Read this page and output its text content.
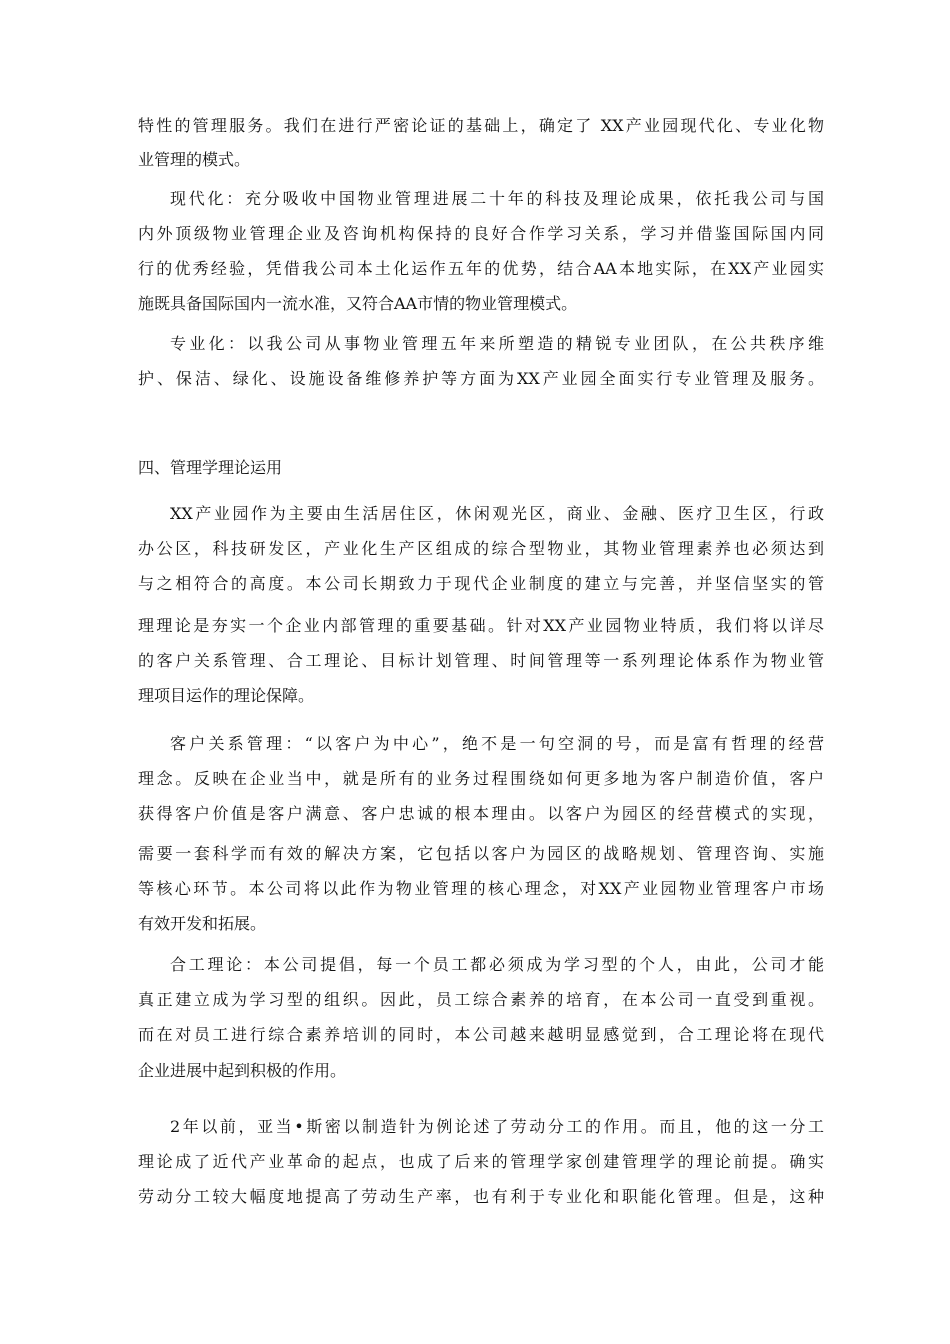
特性的管理服务。我们在进行严密论证的基础上，确定了 XX产业园现代化、专业化物
业管理的模式。
现代化：充分吸收中国物业管理进展二十年的科技及理论成果，依托我公司与国
内外顶级物业管理企业及咨询机构保持的良好合作学习关系，学习并借鉴国际国内同
行的优秀经验，凭借我公司本土化运作五年的优势，结合AA本地实际，在XX产业园实
施既具备国际国内一流水准，又符合AA市情的物业管理模式。
专业化：以我公司从事物业管理五年来所塑造的精锐专业团队，在公共秩序维
护、保洁、绿化、设施设备维修养护等方面为XX产业园全面实行专业管理及服务。
四、管理学理论运用
XX产业园作为主要由生活居住区，休闲观光区，商业、金融、医疗卫生区，行政
办公区，科技研发区，产业化生产区组成的综合型物业，其物业管理素养也必须达到
与之相符合的高度。本公司长期致力于现代企业制度的建立与完善，并坚信坚实的管
理理论是夯实一个企业内部管理的重要基础。针对XX产业园物业特质，我们将以详尽
的客户关系管理、合工理论、目标计划管理、时间管理等一系列理论体系作为物业管
理项目运作的理论保障。
客户关系管理：“以客户为中心”，绝不是一句空洞的号，而是富有哲理的经营
理念。反映在企业当中，就是所有的业务过程围绕如何更多地为客户制造价值，客户
获得客户价值是客户满意、客户忠诚的根本理由。以客户为园区的经营模式的实现，
需要一套科学而有效的解决方案，它包括以客户为园区的战略规划、管理咨询、实施
等核心环节。本公司将以此作为物业管理的核心理念，对XX产业园物业管理客户市场
有效开发和拓展。
合工理论：本公司提倡，每一个员工都必须成为学习型的个人，由此，公司才能
真正建立成为学习型的组织。因此，员工综合素养的培育，在本公司一直受到重视。
而在对员工进行综合素养培训的同时，本公司越来越明显感觉到，合工理论将在现代
企业进展中起到积极的作用。
2年以前，亚当•斯密以制造针为例论述了劳动分工的作用。而且，他的这一分工
理论成了近代产业革命的起点，也成了后来的管理学家创建管理学的理论前提。确实
劳动分工较大幅度地提高了劳动生产率，也有利于专业化和职能化管理。但是，这种
